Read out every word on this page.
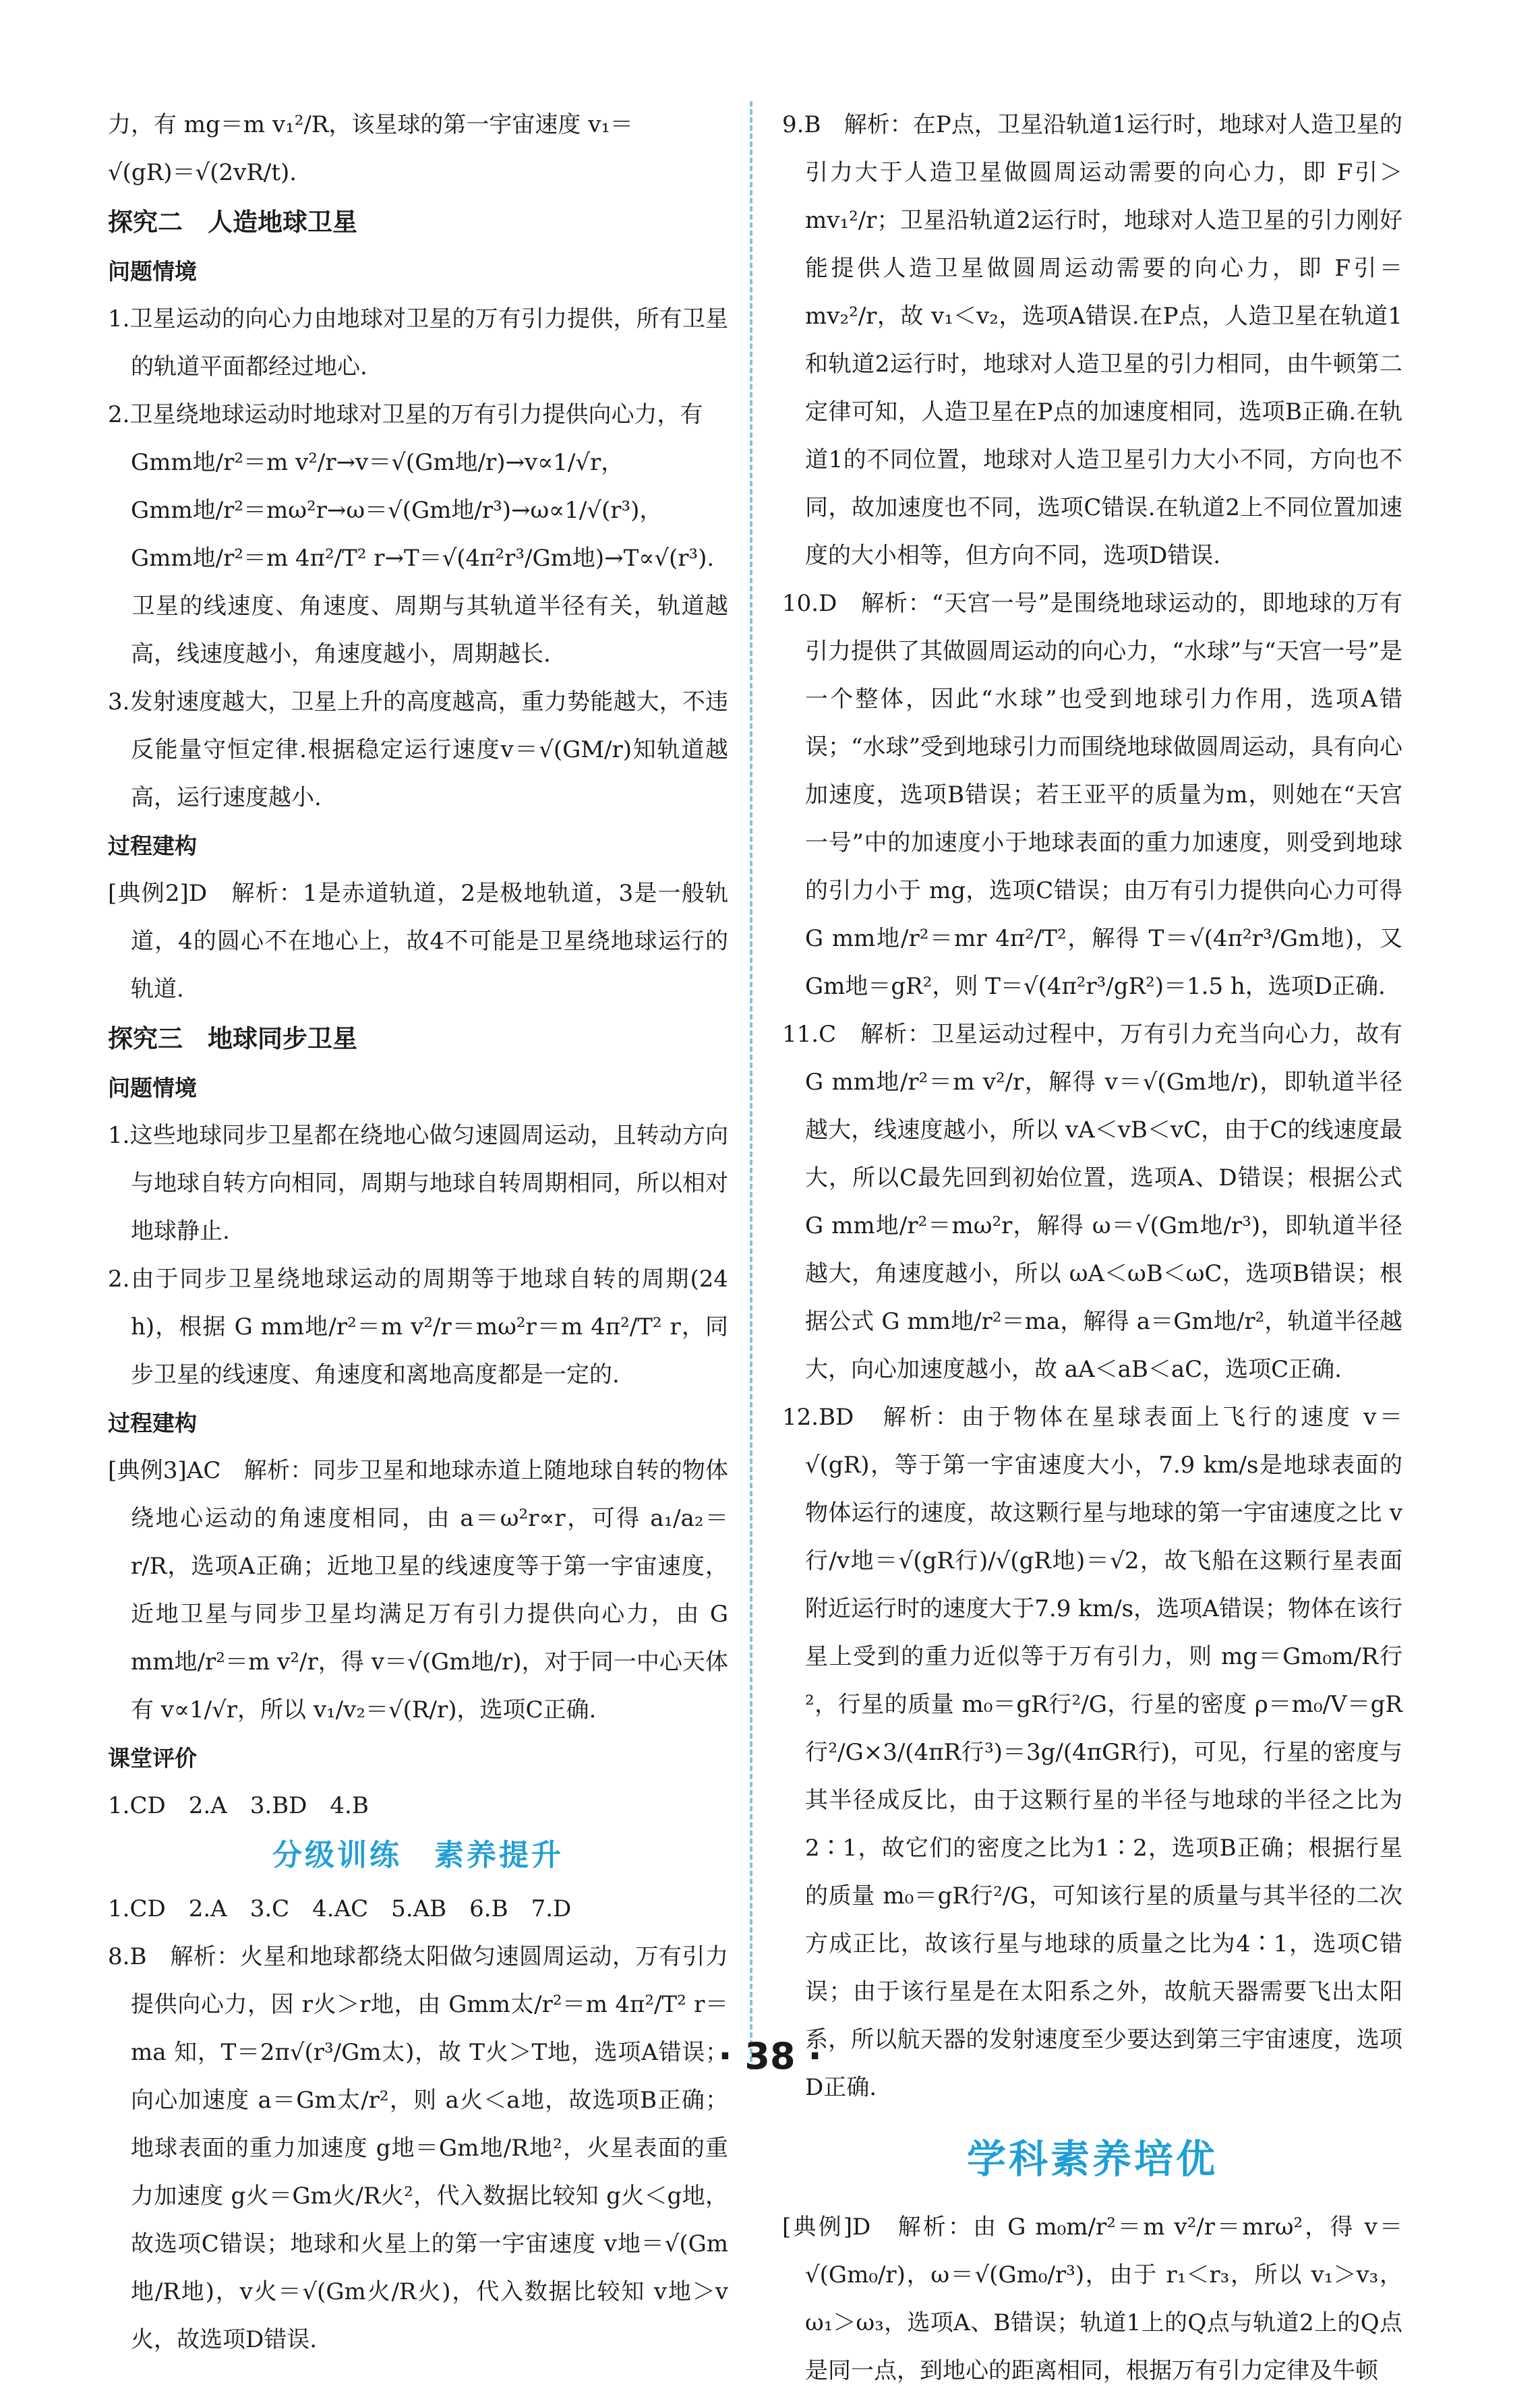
力，有 mg＝m v₁²/R，该星球的第一宇宙速度 v₁＝
√(gR)＝√(2vR/t).
探究二　人造地球卫星
问题情境
1.卫星运动的向心力由地球对卫星的万有引力提供，所有卫星的轨道平面都经过地心.
2.卫星绕地球运动时地球对卫星的万有引力提供向心力，有
　Gmm地/r²＝m v²/r→v＝√(Gm地/r)→v∝1/√r，
　Gmm地/r²＝mω²r→ω＝√(Gm地/r³)→ω∝1/√(r³)，
　Gmm地/r²＝m 4π²/T² r→T＝√(4π²r³/Gm地)→T∝√(r³).
　卫星的线速度、角速度、周期与其轨道半径有关，轨道越高，线速度越小，角速度越小，周期越长.
3.发射速度越大，卫星上升的高度越高，重力势能越大，不违反能量守恒定律.根据稳定运行速度v＝√(GM/r)知轨道越高，运行速度越小.
过程建构
[典例2]D　解析：1是赤道轨道，2是极地轨道，3是一般轨道，4的圆心不在地心上，故4不可能是卫星绕地球运行的轨道.
探究三　地球同步卫星
问题情境
1.这些地球同步卫星都在绕地心做匀速圆周运动，且转动方向与地球自转方向相同，周期与地球自转周期相同，所以相对地球静止.
2.由于同步卫星绕地球运动的周期等于地球自转的周期(24 h)，根据 G mm地/r²＝m v²/r＝mω²r＝m 4π²/T² r，同步卫星的线速度、角速度和离地高度都是一定的.
过程建构
[典例3]AC　解析：同步卫星和地球赤道上随地球自转的物体绕地心运动的角速度相同，由 a＝ω²r∝r，可得 a₁/a₂＝r/R，选项A正确；近地卫星的线速度等于第一宇宙速度，近地卫星与同步卫星均满足万有引力提供向心力，由 G mm地/r²＝m v²/r，得 v＝√(Gm地/r)，对于同一中心天体有 v∝1/√r，所以 v₁/v₂＝√(R/r)，选项C正确.
课堂评价
1.CD　2.A　3.BD　4.B
分级训练　素养提升
1.CD　2.A　3.C　4.AC　5.AB　6.B　7.D
8.B　解析：火星和地球都绕太阳做匀速圆周运动，万有引力提供向心力，因 r火＞r地，由 Gmm太/r²＝m 4π²/T² r＝ma 知，T＝2π√(r³/Gm太)，故 T火＞T地，选项A错误；向心加速度 a＝Gm太/r²，则 a火＜a地，故选项B正确；地球表面的重力加速度 g地＝Gm地/R地²，火星表面的重力加速度 g火＝Gm火/R火²，代入数据比较知 g火＜g地，故选项C错误；地球和火星上的第一宇宙速度 v地＝√(Gm地/R地)，v火＝√(Gm火/R火)，代入数据比较知 v地＞v火，故选项D错误.
9.B　解析：在P点，卫星沿轨道1运行时，地球对人造卫星的引力大于人造卫星做圆周运动需要的向心力，即 F引＞mv₁²/r；卫星沿轨道2运行时，地球对人造卫星的引力刚好能提供人造卫星做圆周运动需要的向心力，即 F引＝mv₂²/r，故 v₁＜v₂，选项A错误.在P点，人造卫星在轨道1和轨道2运行时，地球对人造卫星的引力相同，由牛顿第二定律可知，人造卫星在P点的加速度相同，选项B正确.在轨道1的不同位置，地球对人造卫星引力大小不同，方向也不同，故加速度也不同，选项C错误.在轨道2上不同位置加速度的大小相等，但方向不同，选项D错误.
10.D　解析：“天宫一号”是围绕地球运动的，即地球的万有引力提供了其做圆周运动的向心力，“水球”与“天宫一号”是一个整体，因此“水球”也受到地球引力作用，选项A错误；“水球”受到地球引力而围绕地球做圆周运动，具有向心加速度，选项B错误；若王亚平的质量为m，则她在“天宫一号”中的加速度小于地球表面的重力加速度，则受到地球的引力小于 mg，选项C错误；由万有引力提供向心力可得 G mm地/r²＝mr 4π²/T²，解得 T＝√(4π²r³/Gm地)，又 Gm地＝gR²，则 T＝√(4π²r³/gR²)＝1.5 h，选项D正确.
11.C　解析：卫星运动过程中，万有引力充当向心力，故有 G mm地/r²＝m v²/r，解得 v＝√(Gm地/r)，即轨道半径越大，线速度越小，所以 vA＜vB＜vC，由于C的线速度最大，所以C最先回到初始位置，选项A、D错误；根据公式 G mm地/r²＝mω²r，解得 ω＝√(Gm地/r³)，即轨道半径越大，角速度越小，所以 ωA＜ωB＜ωC，选项B错误；根据公式 G mm地/r²＝ma，解得 a＝Gm地/r²，轨道半径越大，向心加速度越小，故 aA＜aB＜aC，选项C正确.
12.BD　解析：由于物体在星球表面上飞行的速度 v＝√(gR)，等于第一宇宙速度大小，7.9 km/s是地球表面的物体运行的速度，故这颗行星与地球的第一宇宙速度之比 v行/v地＝√(gR行)/√(gR地)＝√2，故飞船在这颗行星表面附近运行时的速度大于7.9 km/s，选项A错误；物体在该行星上受到的重力近似等于万有引力，则 mg＝Gm₀m/R行²，行星的质量 m₀＝gR行²/G，行星的密度 ρ＝m₀/V＝gR行²/G×3/(4πR行³)＝3g/(4πGR行)，可见，行星的密度与其半径成反比，由于这颗行星的半径与地球的半径之比为2∶1，故它们的密度之比为1∶2，选项B正确；根据行星的质量 m₀＝gR行²/G，可知该行星的质量与其半径的二次方成正比，故该行星与地球的质量之比为4∶1，选项C错误；由于该行星是在太阳系之外，故航天器需要飞出太阳系，所以航天器的发射速度至少要达到第三宇宙速度，选项D正确.
学科素养培优
[典例]D　解析：由 G m₀m/r²＝m v²/r＝mrω²，得 v＝√(Gm₀/r)，ω＝√(Gm₀/r³)，由于 r₁＜r₃，所以 v₁＞v₃，ω₁＞ω₃，选项A、B错误；轨道1上的Q点与轨道2上的Q点是同一点，到地心的距离相同，根据万有引力定律及牛顿
· 38 ·
